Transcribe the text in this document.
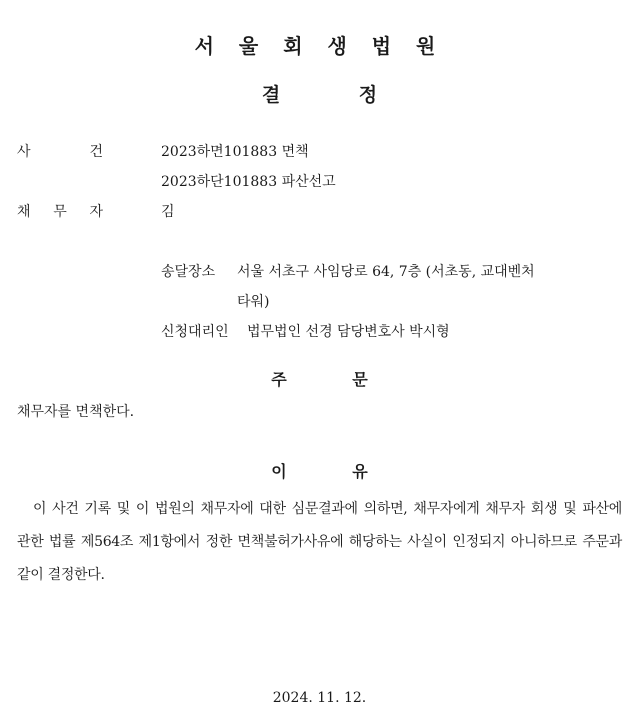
서 울 회 생 법 원
결 정
사	건	2023하면101883 면책
2023하단101883 파산선고
채 무 자	김
송달장소 서울 서초구 사임당로 64, 7층 (서초동, 교대벤처
타워)
신청대리인 법무법인 선경 담당변호사 박시형
주 문
채무자를 면책한다.
이 유
이 사건 기록 및 이 법원의 채무자에 대한 심문결과에 의하면, 채무자에게 채무자 회생 및 파산에 관한 법률 제564조 제1항에서 정한 면책불허가사유에 해당하는 사실이 인정되지 아니하므로 주문과 같이 결정한다.
2024. 11. 12.
